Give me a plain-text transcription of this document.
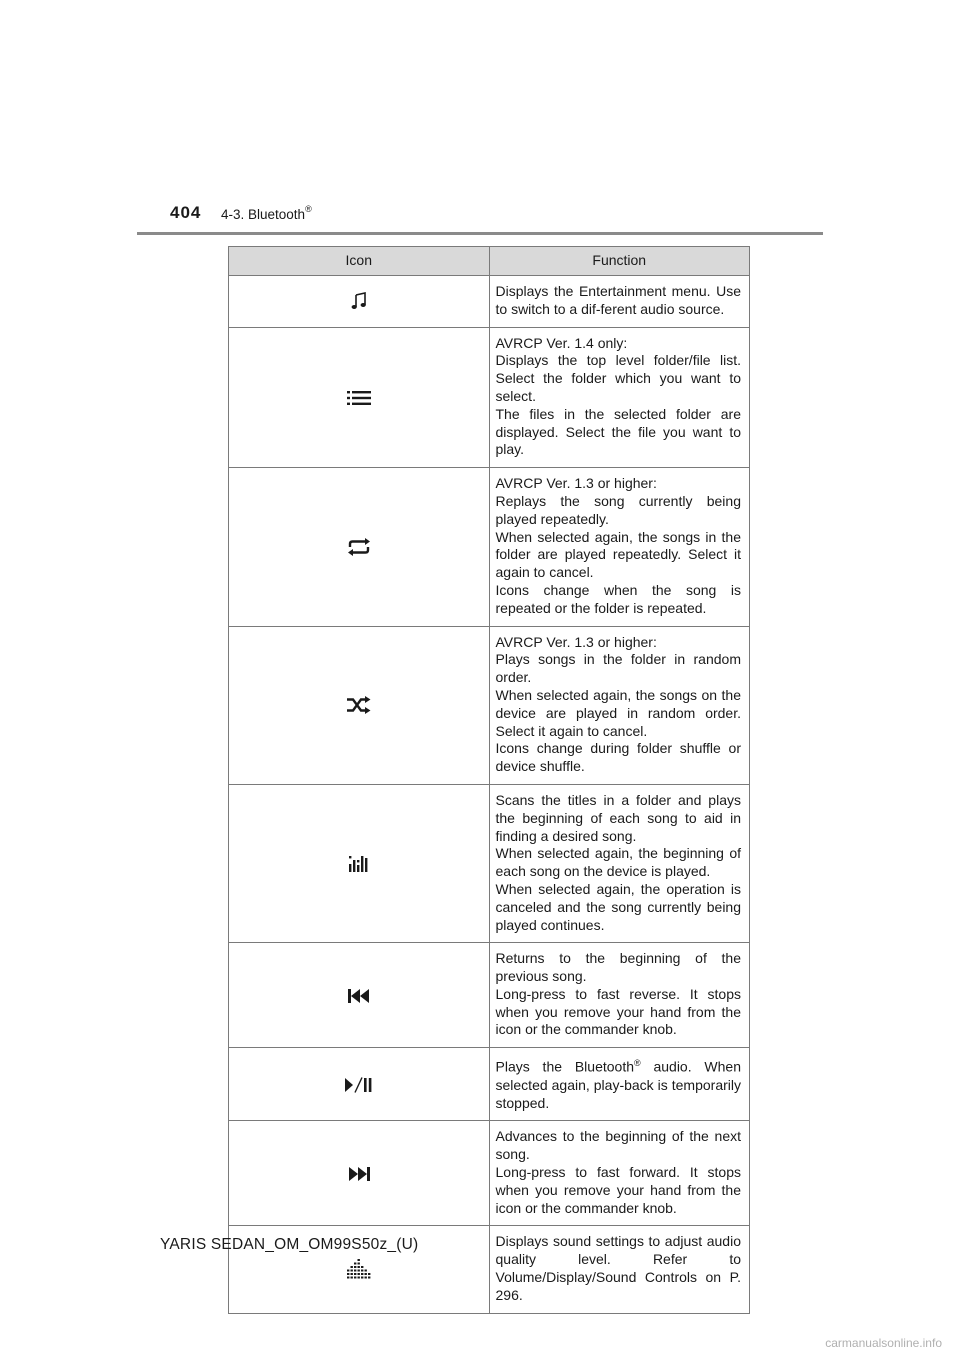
404 4-3. Bluetooth®
Icon	Function

Displays the Entertainment menu. Use to switch to a dif-ferent audio source.

AVRCP Ver. 1.4 only:
Displays the top level folder/file list. Select the folder which you want to select.
The files in the selected folder are displayed. Select the file you want to play.

AVRCP Ver. 1.3 or higher:
Replays the song currently being played repeatedly.
When selected again, the songs in the folder are played repeatedly. Select it again to cancel.
Icons change when the song is repeated or the folder is repeated.

AVRCP Ver. 1.3 or higher:
Plays songs in the folder in random order.
When selected again, the songs on the device are played in random order. Select it again to cancel.
Icons change during folder shuffle or device shuffle.

Scans the titles in a folder and plays the beginning of each song to aid in finding a desired song.
When selected again, the beginning of each song on the device is played.
When selected again, the operation is canceled and the song currently being played continues.

Returns to the beginning of the previous song.
Long-press to fast reverse. It stops when you remove your hand from the icon or the commander knob.

Plays the Bluetooth® audio. When selected again, play-back is temporarily stopped.

Advances to the beginning of the next song.
Long-press to fast forward. It stops when you remove your hand from the icon or the commander knob.

Displays sound settings to adjust audio quality level. Refer to Volume/Display/Sound Controls on P. 296.
YARIS SEDAN_OM_OM99S50z_(U)
carmanualsonline.info
